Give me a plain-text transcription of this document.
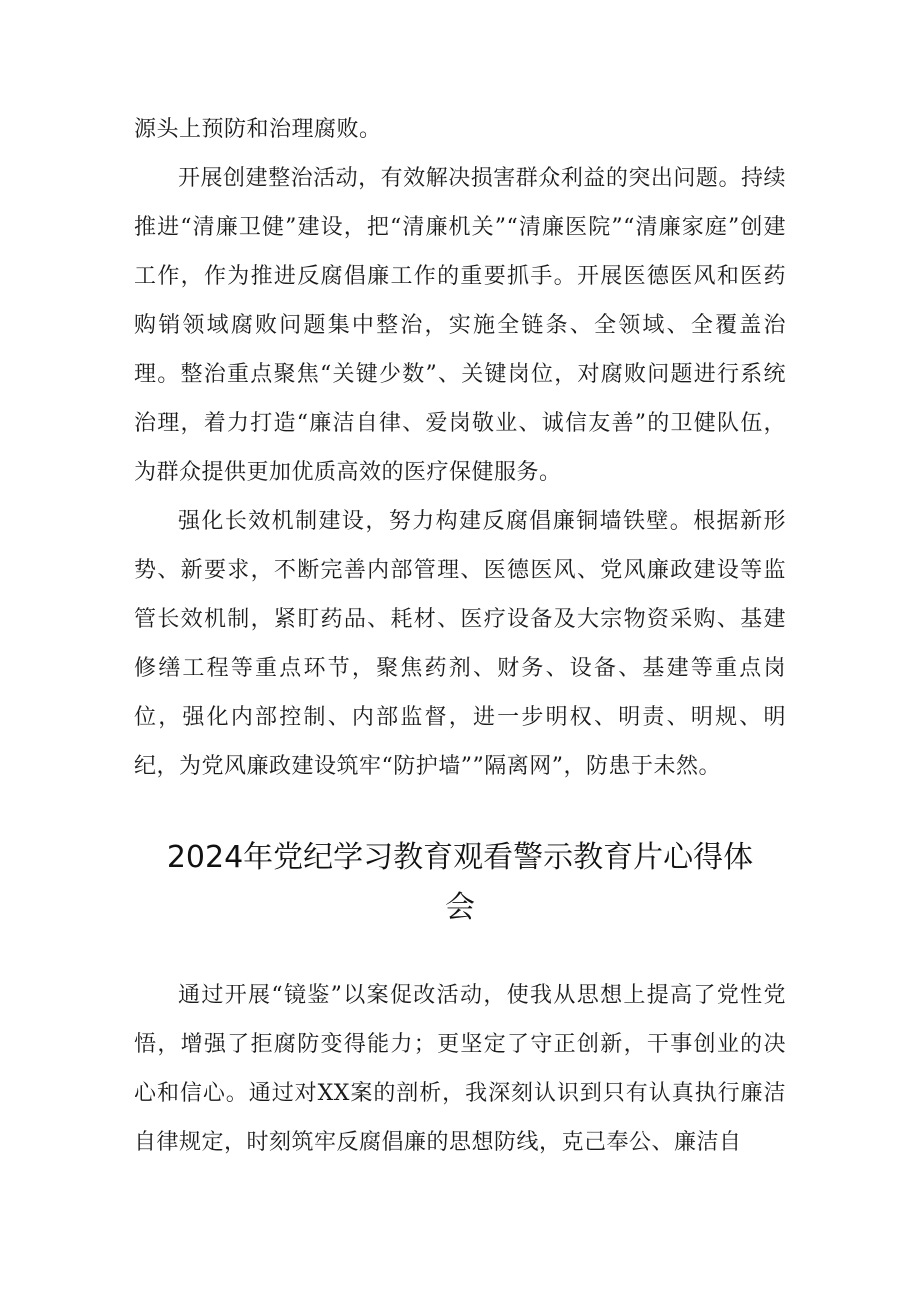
源头上预防和治理腐败。

开展创建整治活动，有效解决损害群众利益的突出问题。持续推进“清廉卫健”建设，把“清廉机关”“清廉医院”“清廉家庭”创建工作，作为推进反腐倡廉工作的重要抓手。开展医德医风和医药购销领域腐败问题集中整治，实施全链条、全领域、全覆盖治理。整治重点聚焦“关键少数”、关键岗位，对腐败问题进行系统治理，着力打造“廉洁自律、爱岗敬业、诚信友善”的卫健队伍，为群众提供更加优质高效的医疗保健服务。

强化长效机制建设，努力构建反腐倡廉铜墙铁壁。根据新形势、新要求，不断完善内部管理、医德医风、党风廉政建设等监管长效机制，紧盯药品、耗材、医疗设备及大宗物资采购、基建修缮工程等重点环节，聚焦药剂、财务、设备、基建等重点岗位，强化内部控制、内部监督，进一步明权、明责、明规、明纪，为党风廉政建设筑牢“防护墙””隔离网”，防患于未然。

2024年党纪学习教育观看警示教育片心得体会

通过开展“镜鉴”以案促改活动，使我从思想上提高了党性党悟，增强了拒腐防变得能力；更坚定了守正创新，干事创业的决心和信心。通过对XX案的剖析，我深刻认识到只有认真执行廉洁自律规定，时刻筑牢反腐倡廉的思想防线，克己奉公、廉洁自
